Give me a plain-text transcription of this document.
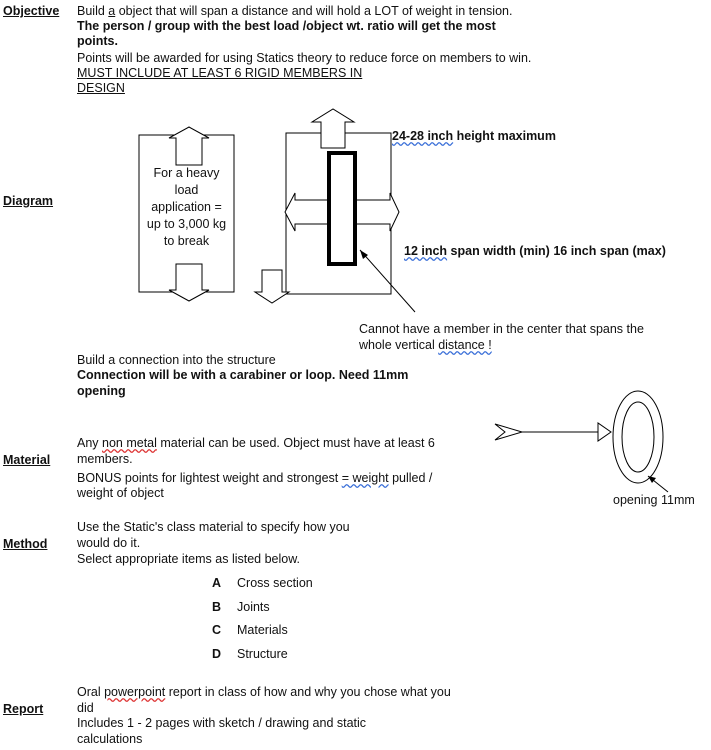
Objective
Diagram
Material
Method
Report
Build a object that will span a distance and will hold a LOT of weight in tension.
The person / group with the best load /object wt. ratio will get the most
points.
Points will be awarded for using Statics theory to reduce force on members to win.
MUST INCLUDE AT LEAST 6 RIGID MEMBERS IN
DESIGN
For a heavy
load
application =
up to 3,000 kg
to break
24-28 inch height maximum
12 inch span width (min) 16 inch span (max)
Cannot have a member in the center that spans the
whole vertical distance !
Build a connection into the structure
Connection will be with a carabiner or loop. Need 11mm
opening
opening 11mm
Any non metal material can be used. Object must have at least 6
members.
BONUS points for lightest weight and strongest = weight pulled /
weight of object
Use the Static's class material to specify how you
would do it.
Select appropriate items as listed below.
A Cross section
B Joints
C Materials
D Structure
Oral powerpoint report in class of how and why you chose what you
did
Includes 1 - 2 pages with sketch / drawing and static
calculations
